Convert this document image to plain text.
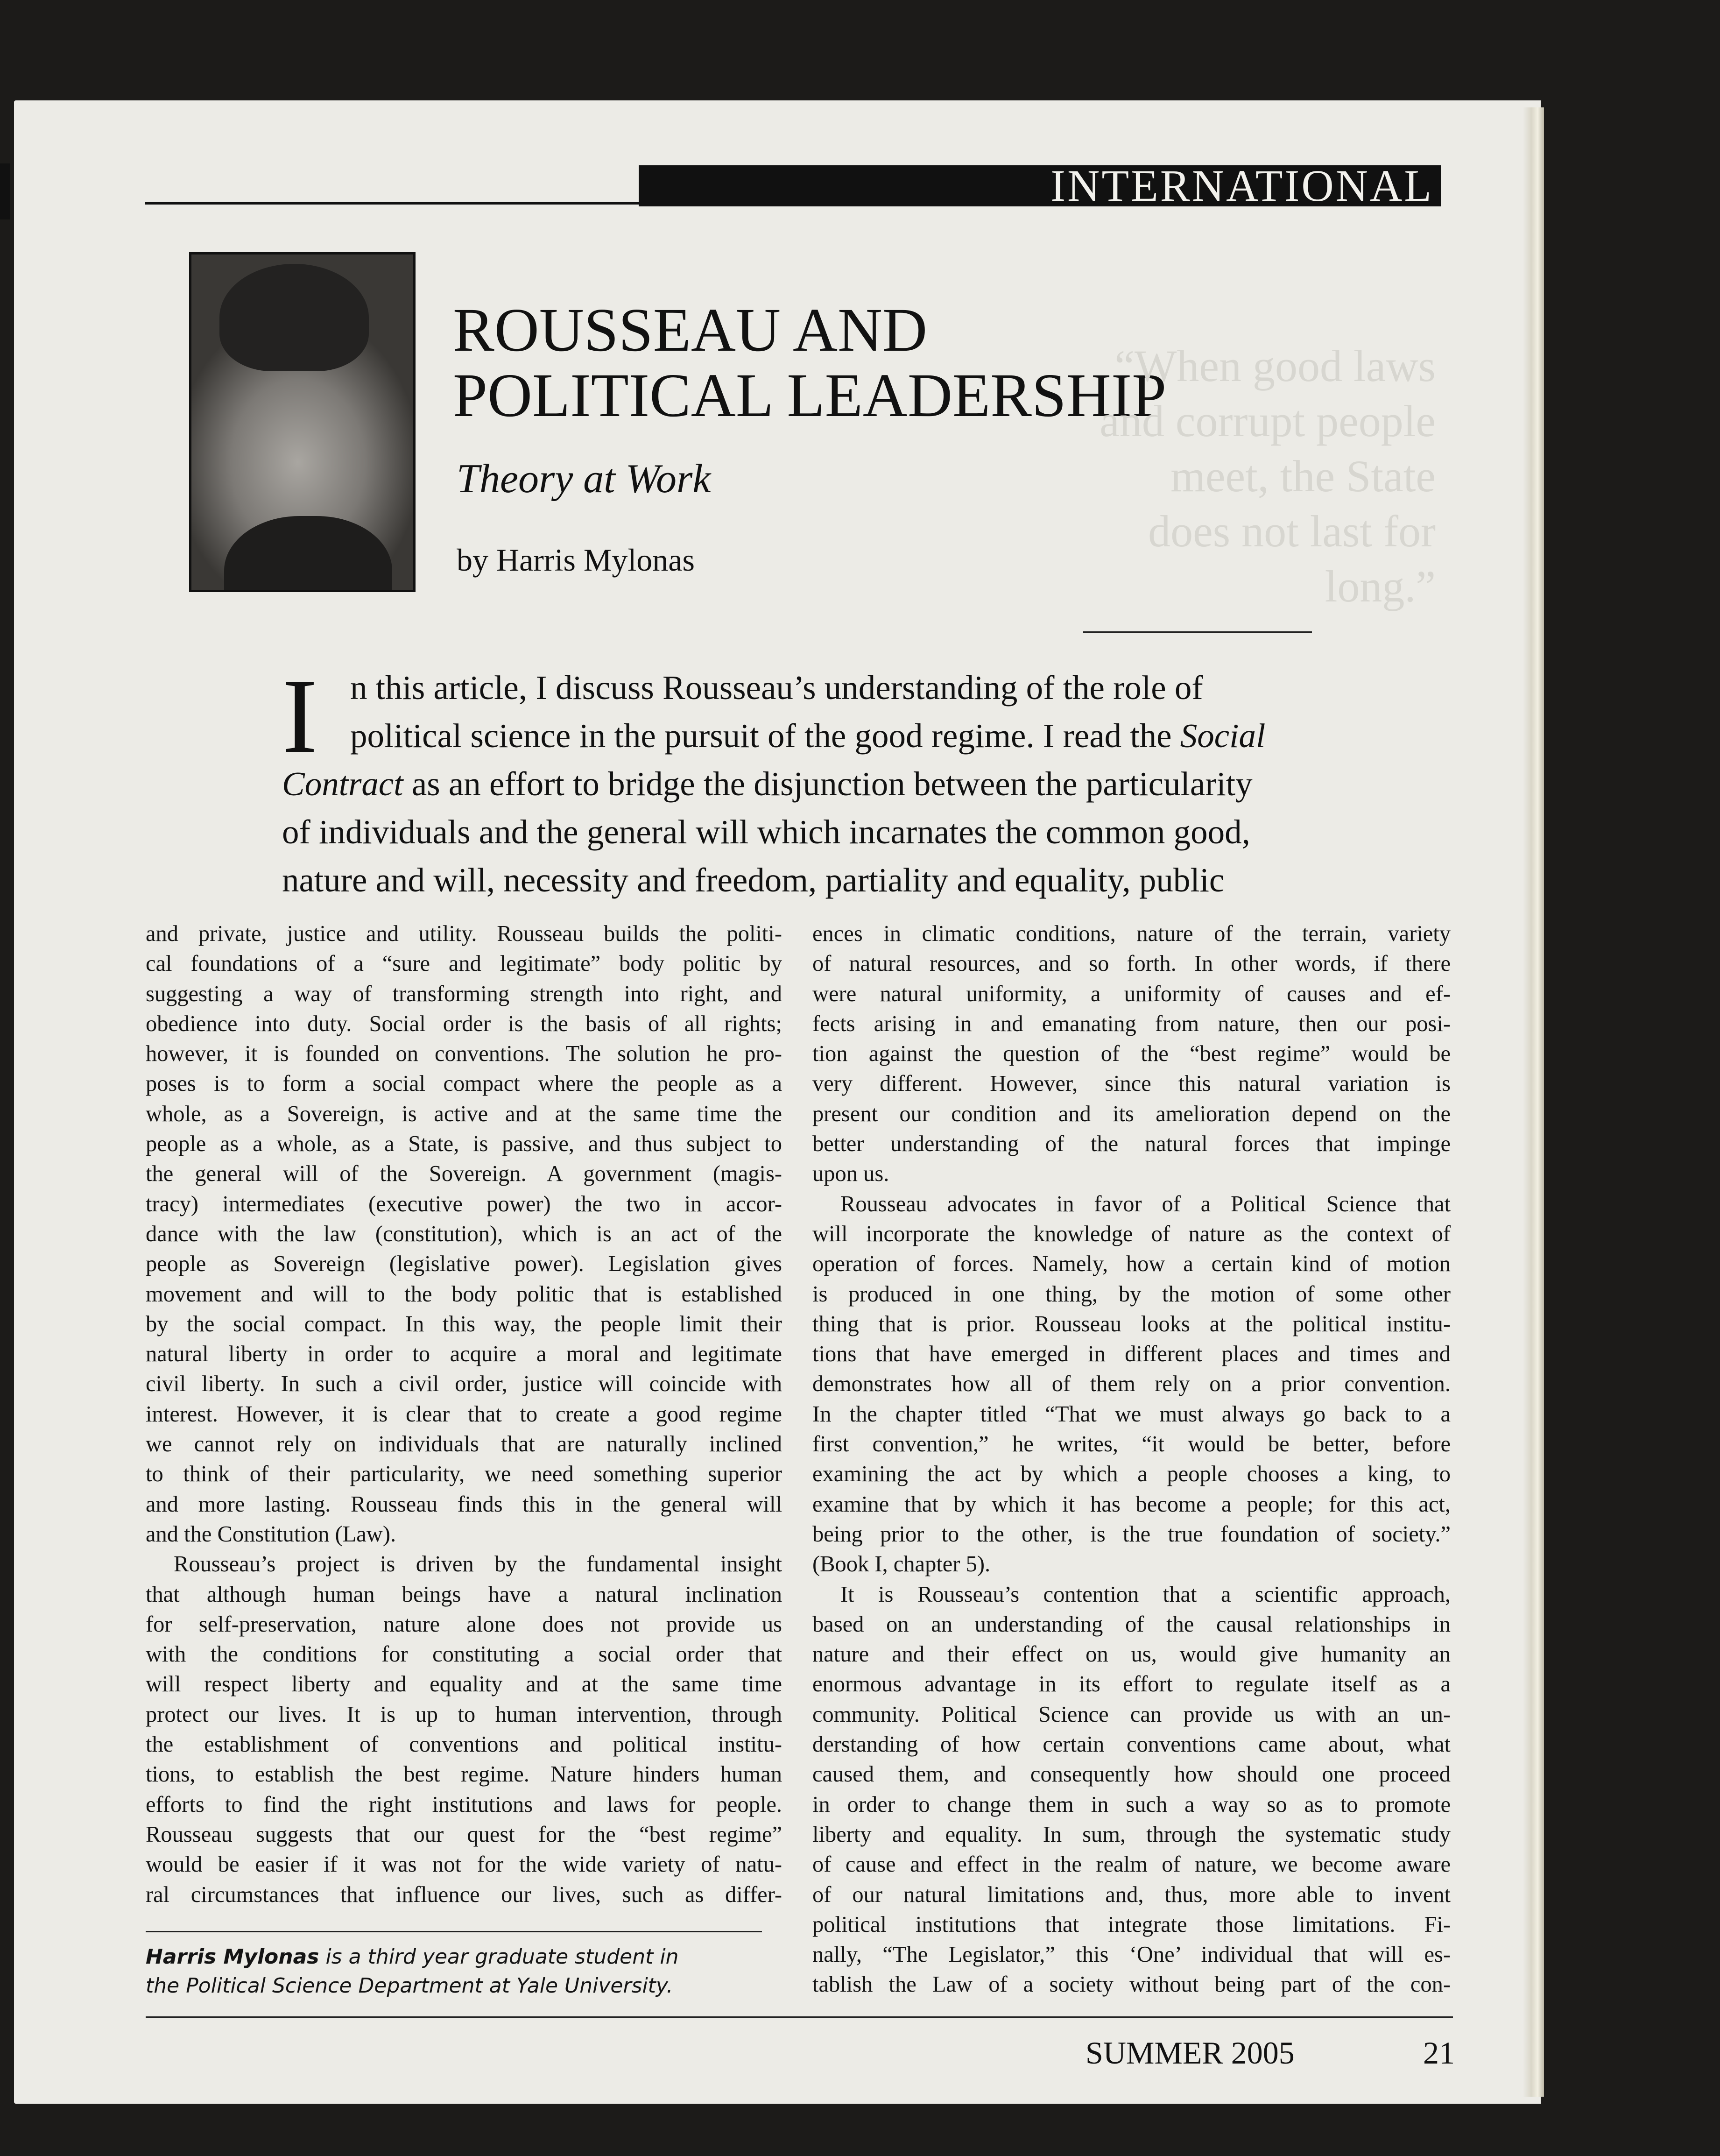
INTERNATIONAL
ROUSSEAU AND
POLITICAL LEADERSHIP
Theory at Work
by Harris Mylonas
“When good laws and corrupt people meet, the State does not last for long.”
I n this article, I discuss Rousseau’s understanding of the role of
political science in the pursuit of the good regime. I read the Social
Contract as an effort to bridge the disjunction between the particularity
of individuals and the general will which incarnates the common good,
nature and will, necessity and freedom, partiality and equality, public

and private, justice and utility. Rousseau builds the politi-

cal foundations of a “sure and legitimate” body politic by

suggesting a way of transforming strength into right, and

obedience into duty. Social order is the basis of all rights;

however, it is founded on conventions. The solution he pro-

poses is to form a social compact where the people as a

whole, as a Sovereign, is active and at the same time the

people as a whole, as a State, is passive, and thus subject to

the general will of the Sovereign. A government (magis-

tracy) intermediates (executive power) the two in accor-

dance with the law (constitution), which is an act of the

people as Sovereign (legislative power). Legislation gives

movement and will to the body politic that is established

by the social compact. In this way, the people limit their

natural liberty in order to acquire a moral and legitimate

civil liberty. In such a civil order, justice will coincide with

interest. However, it is clear that to create a good regime

we cannot rely on individuals that are naturally inclined

to think of their particularity, we need something superior

and more lasting. Rousseau finds this in the general will

and the Constitution (Law).

Rousseau’s project is driven by the fundamental insight

that although human beings have a natural inclination

for self-preservation, nature alone does not provide us

with the conditions for constituting a social order that

will respect liberty and equality and at the same time

protect our lives. It is up to human intervention, through

the establishment of conventions and political institu-

tions, to establish the best regime. Nature hinders human

efforts to find the right institutions and laws for people.

Rousseau suggests that our quest for the “best regime”

would be easier if it was not for the wide variety of natu-

ral circumstances that influence our lives, such as differ-

ences in climatic conditions, nature of the terrain, variety

of natural resources, and so forth. In other words, if there

were natural uniformity, a uniformity of causes and ef-

fects arising in and emanating from nature, then our posi-

tion against the question of the “best regime” would be

very different. However, since this natural variation is

present our condition and its amelioration depend on the

better understanding of the natural forces that impinge

upon us.

Rousseau advocates in favor of a Political Science that

will incorporate the knowledge of nature as the context of

operation of forces. Namely, how a certain kind of motion

is produced in one thing, by the motion of some other

thing that is prior. Rousseau looks at the political institu-

tions that have emerged in different places and times and

demonstrates how all of them rely on a prior convention.

In the chapter titled “That we must always go back to a

first convention,” he writes, “it would be better, before

examining the act by which a people chooses a king, to

examine that by which it has become a people; for this act,

being prior to the other, is the true foundation of society.”

(Book I, chapter 5).

It is Rousseau’s contention that a scientific approach,

based on an understanding of the causal relationships in

nature and their effect on us, would give humanity an

enormous advantage in its effort to regulate itself as a

community. Political Science can provide us with an un-

derstanding of how certain conventions came about, what

caused them, and consequently how should one proceed

in order to change them in such a way so as to promote

liberty and equality. In sum, through the systematic study

of cause and effect in the realm of nature, we become aware

of our natural limitations and, thus, more able to invent

political institutions that integrate those limitations. Fi-

nally, “The Legislator,” this ‘One’ individual that will es-

tablish the Law of a society without being part of the con-

Harris Mylonas is a third year graduate student in
the Political Science Department at Yale University.
SUMMER 2005	21
